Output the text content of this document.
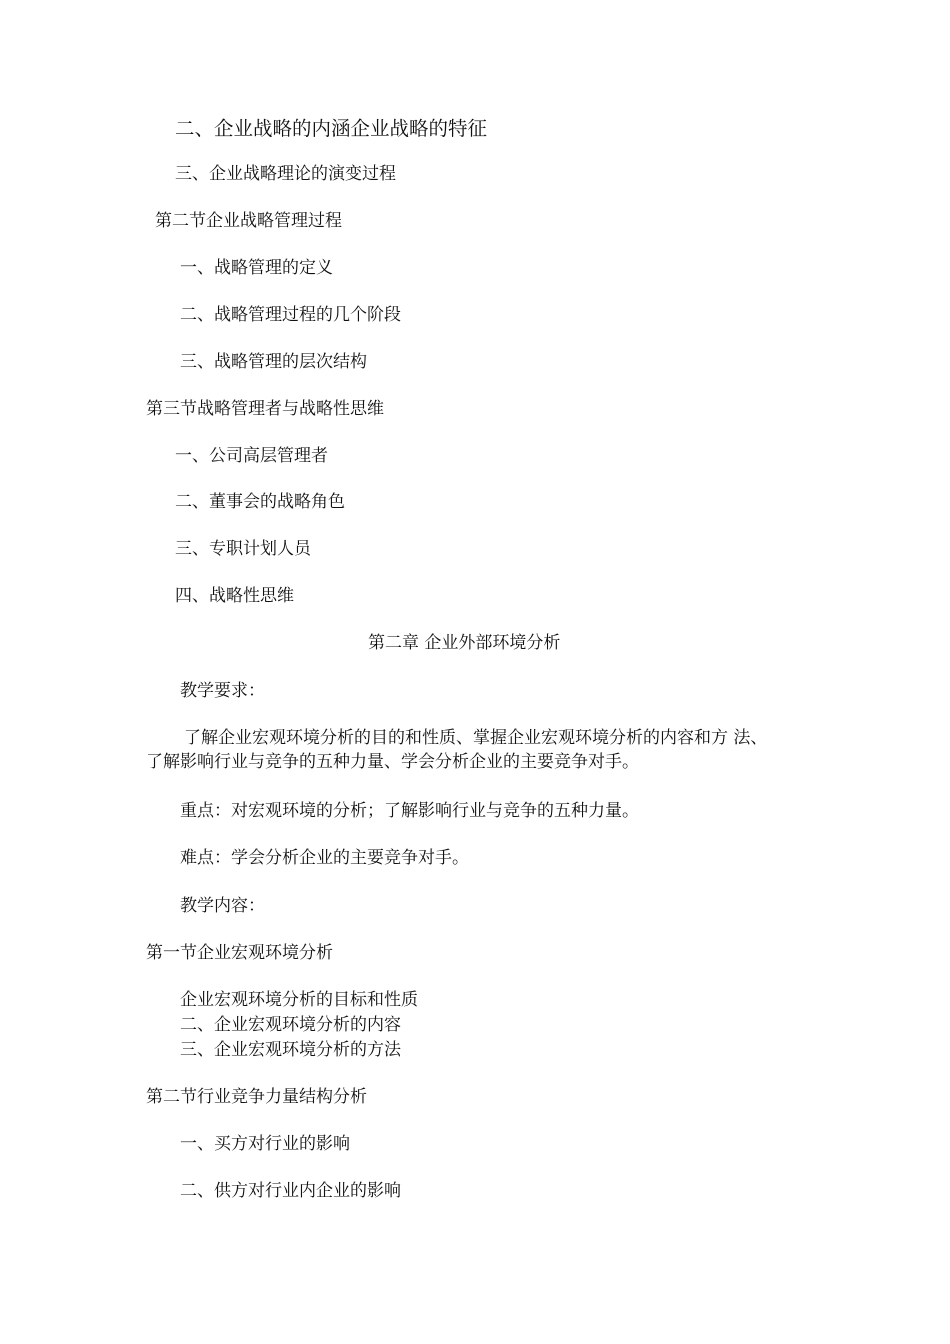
二、企业战略的内涵企业战略的特征
三、企业战略理论的演变过程
第二节企业战略管理过程
一、战略管理的定义
二、战略管理过程的几个阶段
三、战略管理的层次结构
第三节战略管理者与战略性思维
一、公司高层管理者
二、董事会的战略角色
三、专职计划人员
四、战略性思维
第二章 企业外部环境分析
教学要求：
了解企业宏观环境分析的目的和性质、掌握企业宏观环境分析的内容和方 法、
了解影响行业与竞争的五种力量、学会分析企业的主要竞争对手。
重点：对宏观环境的分析；了解影响行业与竞争的五种力量。
难点：学会分析企业的主要竞争对手。
教学内容：
第一节企业宏观环境分析
企业宏观环境分析的目标和性质
二、企业宏观环境分析的内容
三、企业宏观环境分析的方法
第二节行业竞争力量结构分析
一、买方对行业的影响
二、供方对行业内企业的影响
